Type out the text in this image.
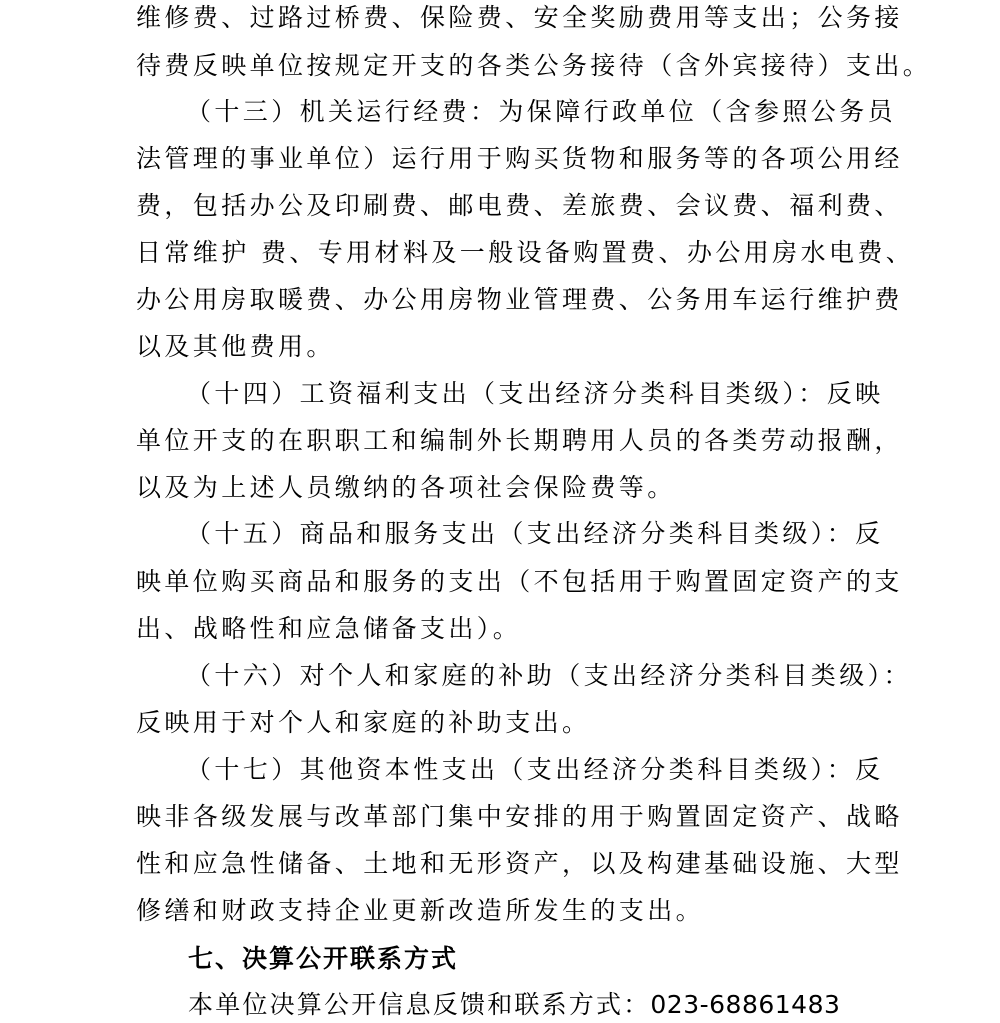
维修费、过路过桥费、保险费、安全奖励费用等支出；公务接
待费反映单位按规定开支的各类公务接待（含外宾接待）支出。
（十三）机关运行经费：为保障行政单位（含参照公务员
法管理的事业单位）运行用于购买货物和服务等的各项公用经
费，包括办公及印刷费、邮电费、差旅费、会议费、福利费、
日常维护 费、专用材料及一般设备购置费、办公用房水电费、
办公用房取暖费、办公用房物业管理费、公务用车运行维护费
以及其他费用。
（十四）工资福利支出（支出经济分类科目类级）：反映
单位开支的在职职工和编制外长期聘用人员的各类劳动报酬，
以及为上述人员缴纳的各项社会保险费等。
（十五）商品和服务支出（支出经济分类科目类级）：反
映单位购买商品和服务的支出（不包括用于购置固定资产的支
出、战略性和应急储备支出）。
（十六）对个人和家庭的补助（支出经济分类科目类级）：
反映用于对个人和家庭的补助支出。
（十七）其他资本性支出（支出经济分类科目类级）：反
映非各级发展与改革部门集中安排的用于购置固定资产、战略
性和应急性储备、土地和无形资产，以及构建基础设施、大型
修缮和财政支持企业更新改造所发生的支出。
七、决算公开联系方式
本单位决算公开信息反馈和联系方式：023-68861483
